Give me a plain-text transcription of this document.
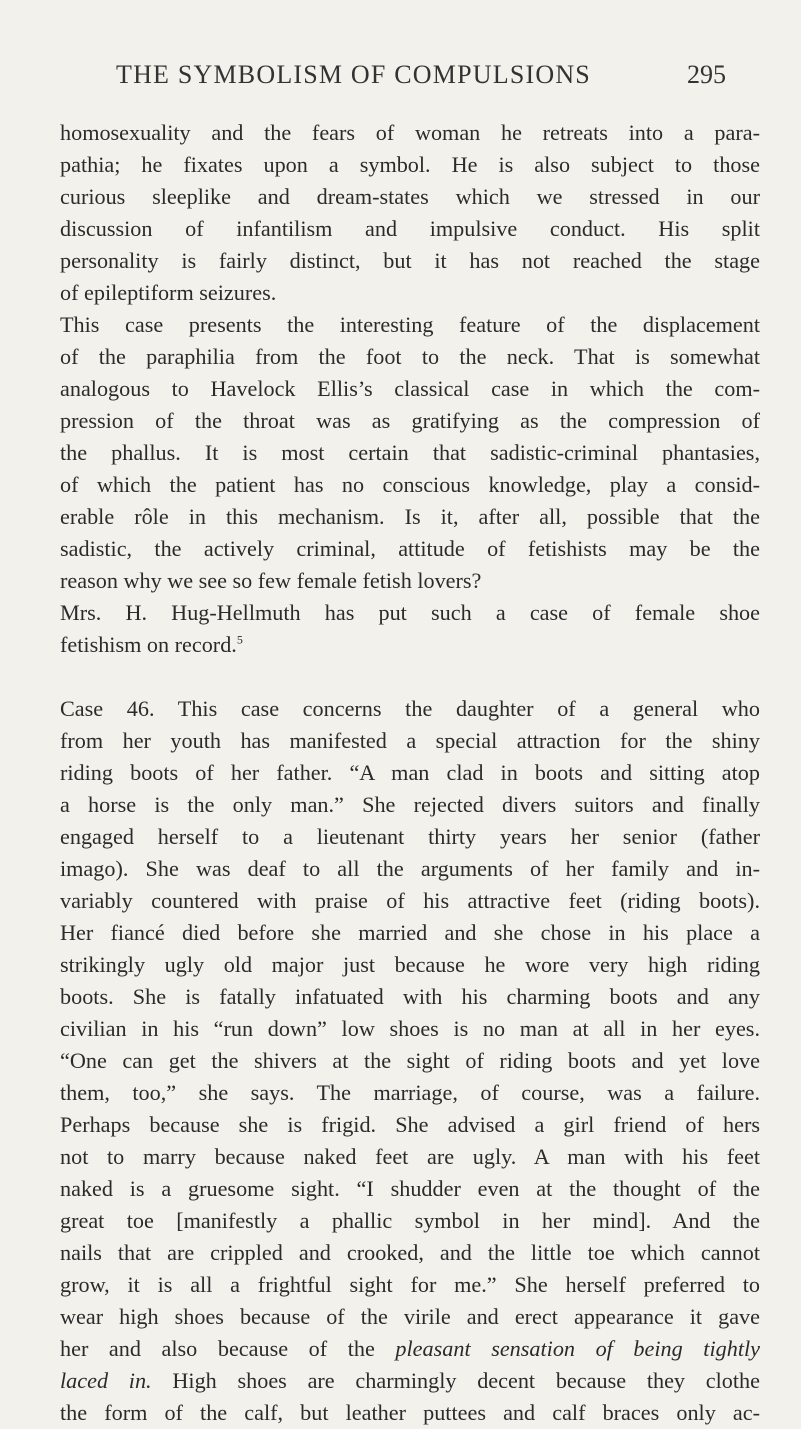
THE SYMBOLISM OF COMPULSIONS	295
homosexuality and the fears of woman he retreats into a para-
pathia; he fixates upon a symbol. He is also subject to those
curious sleeplike and dream-states which we stressed in our
discussion of infantilism and impulsive conduct. His split
personality is fairly distinct, but it has not reached the stage
of epileptiform seizures.
This case presents the interesting feature of the displacement
of the paraphilia from the foot to the neck. That is somewhat
analogous to Havelock Ellis’s classical case in which the com-
pression of the throat was as gratifying as the compression of
the phallus. It is most certain that sadistic-criminal phantasies,
of which the patient has no conscious knowledge, play a consid-
erable rôle in this mechanism. Is it, after all, possible that the
sadistic, the actively criminal, attitude of fetishists may be the
reason why we see so few female fetish lovers?
Mrs. H. Hug-Hellmuth has put such a case of female shoe
fetishism on record.$^5$
Case 46. This case concerns the daughter of a general who
from her youth has manifested a special attraction for the shiny
riding boots of her father. “A man clad in boots and sitting atop
a horse is the only man.” She rejected divers suitors and finally
engaged herself to a lieutenant thirty years her senior (father
imago). She was deaf to all the arguments of her family and in-
variably countered with praise of his attractive feet (riding boots).
Her fiancé died before she married and she chose in his place a
strikingly ugly old major just because he wore very high riding
boots. She is fatally infatuated with his charming boots and any
civilian in his “run down” low shoes is no man at all in her eyes.
“One can get the shivers at the sight of riding boots and yet love
them, too,” she says. The marriage, of course, was a failure.
Perhaps because she is frigid. She advised a girl friend of hers
not to marry because naked feet are ugly. A man with his feet
naked is a gruesome sight. “I shudder even at the thought of the
great toe [manifestly a phallic symbol in her mind]. And the
nails that are crippled and crooked, and the little toe which cannot
grow, it is all a frightful sight for me.” She herself preferred to
wear high shoes because of the virile and erect appearance it gave
her and also because of the pleasant sensation of being tightly
laced in. High shoes are charmingly decent because they clothe
the form of the calf, but leather puttees and calf braces only ac-
